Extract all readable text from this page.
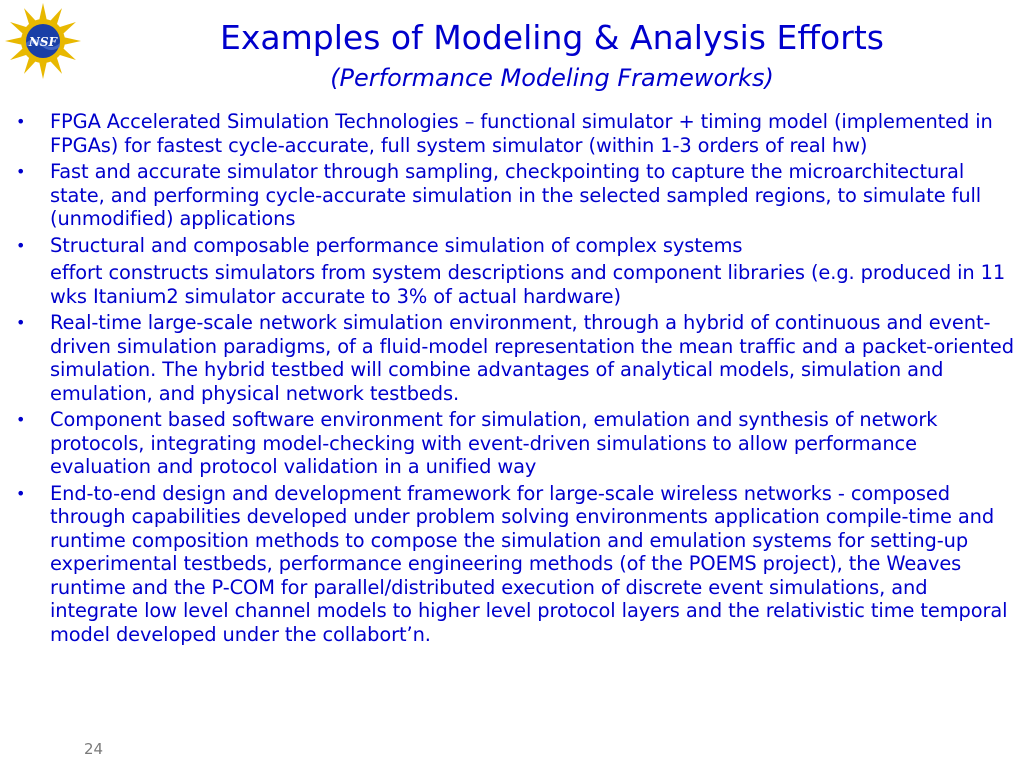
NSF	Examples of Modeling & Analysis Efforts
(Performance Modeling Frameworks)
• FPGA Accelerated Simulation Technologies – functional simulator + timing model (implemented in FPGAs) for fastest cycle-accurate, full system simulator (within 1-3 orders of real hw)
• Fast and accurate simulator through sampling, checkpointing to capture the microarchitectural state, and performing cycle-accurate simulation in the selected sampled regions, to simulate full (unmodified) applications
• Structural and composable performance simulation of complex systems
effort constructs simulators from system descriptions and component libraries (e.g. produced in 11 wks Itanium2 simulator accurate to 3% of actual hardware)
• Real-time large-scale network simulation environment, through a hybrid of continuous and event-driven simulation paradigms, of a fluid-model representation the mean traffic and a packet-oriented simulation. The hybrid testbed will combine advantages of analytical models, simulation and emulation, and physical network testbeds.
• Component based software environment for simulation, emulation and synthesis of network protocols, integrating model-checking with event-driven simulations to allow performance evaluation and protocol validation in a unified way
• End-to-end design and development framework for large-scale wireless networks - composed through capabilities developed under problem solving environments application compile-time and runtime composition methods to compose the simulation and emulation systems for setting-up experimental testbeds, performance engineering methods (of the POEMS project), the Weaves runtime and the P-COM for parallel/distributed execution of discrete event simulations, and integrate low level channel models to higher level protocol layers and the relativistic time temporal model developed under the collabort’n.
24
